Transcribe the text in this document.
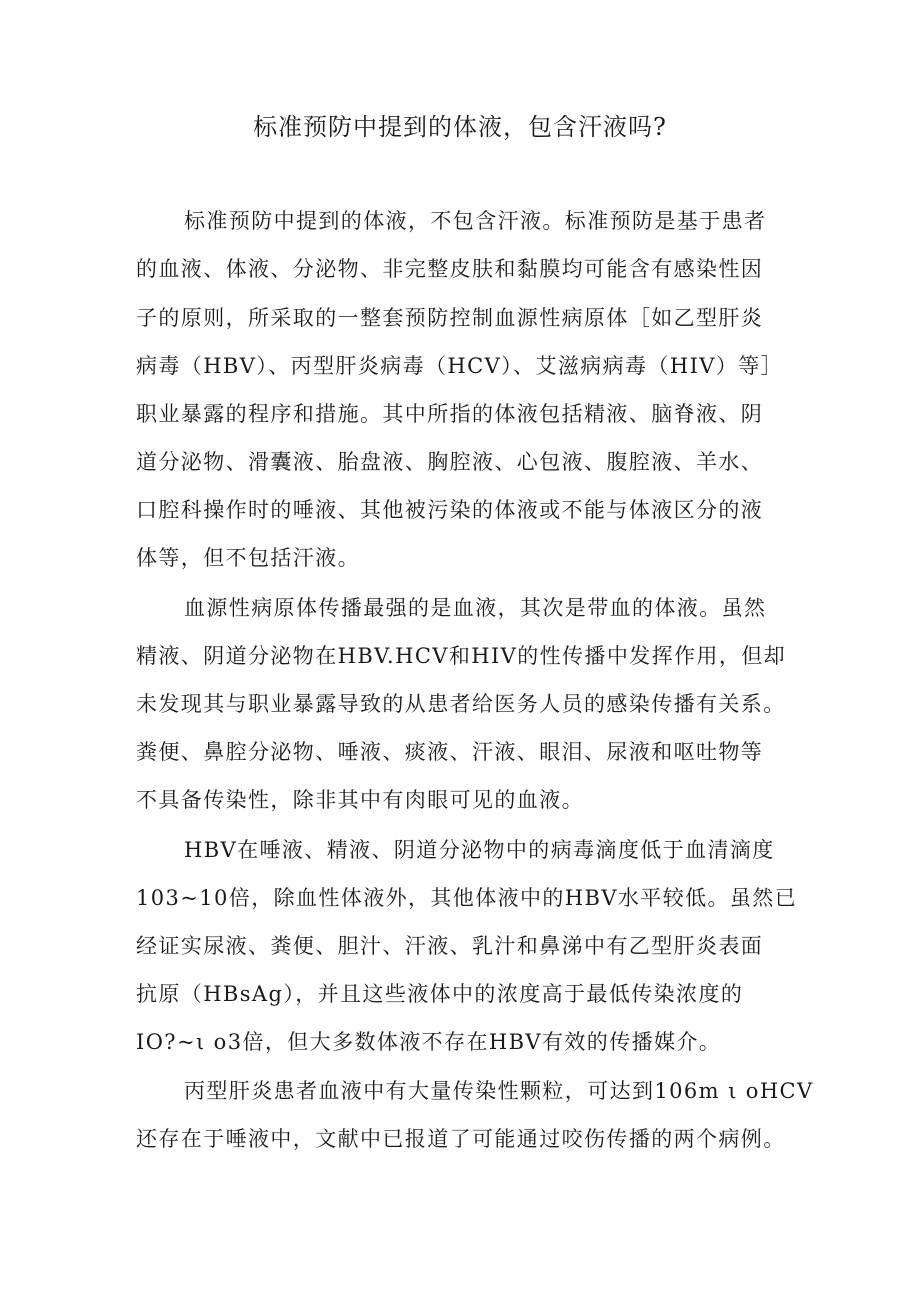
标准预防中提到的体液，包含汗液吗?
标准预防中提到的体液，不包含汗液。标准预防是基于患者
的血液、体液、分泌物、非完整皮肤和黏膜均可能含有感染性因
子的原则，所采取的一整套预防控制血源性病原体［如乙型肝炎
病毒（HBV）、丙型肝炎病毒（HCV）、艾滋病病毒（HIV）等］
职业暴露的程序和措施。其中所指的体液包括精液、脑脊液、阴
道分泌物、滑囊液、胎盘液、胸腔液、心包液、腹腔液、羊水、
口腔科操作时的唾液、其他被污染的体液或不能与体液区分的液
体等，但不包括汗液。
血源性病原体传播最强的是血液，其次是带血的体液。虽然
精液、阴道分泌物在HBV.HCV和HIV的性传播中发挥作用，但却
未发现其与职业暴露导致的从患者给医务人员的感染传播有关系。
粪便、鼻腔分泌物、唾液、痰液、汗液、眼泪、尿液和呕吐物等
不具备传染性，除非其中有肉眼可见的血液。
HBV在唾液、精液、阴道分泌物中的病毒滴度低于血清滴度
103~10倍，除血性体液外，其他体液中的HBV水平较低。虽然已
经证实尿液、粪便、胆汁、汗液、乳汁和鼻涕中有乙型肝炎表面
抗原（HBsAg），并且这些液体中的浓度高于最低传染浓度的
IO?~ι o3倍，但大多数体液不存在HBV有效的传播媒介。
丙型肝炎患者血液中有大量传染性颗粒，可达到106m ι oHCV
还存在于唾液中，文献中已报道了可能通过咬伤传播的两个病例。
